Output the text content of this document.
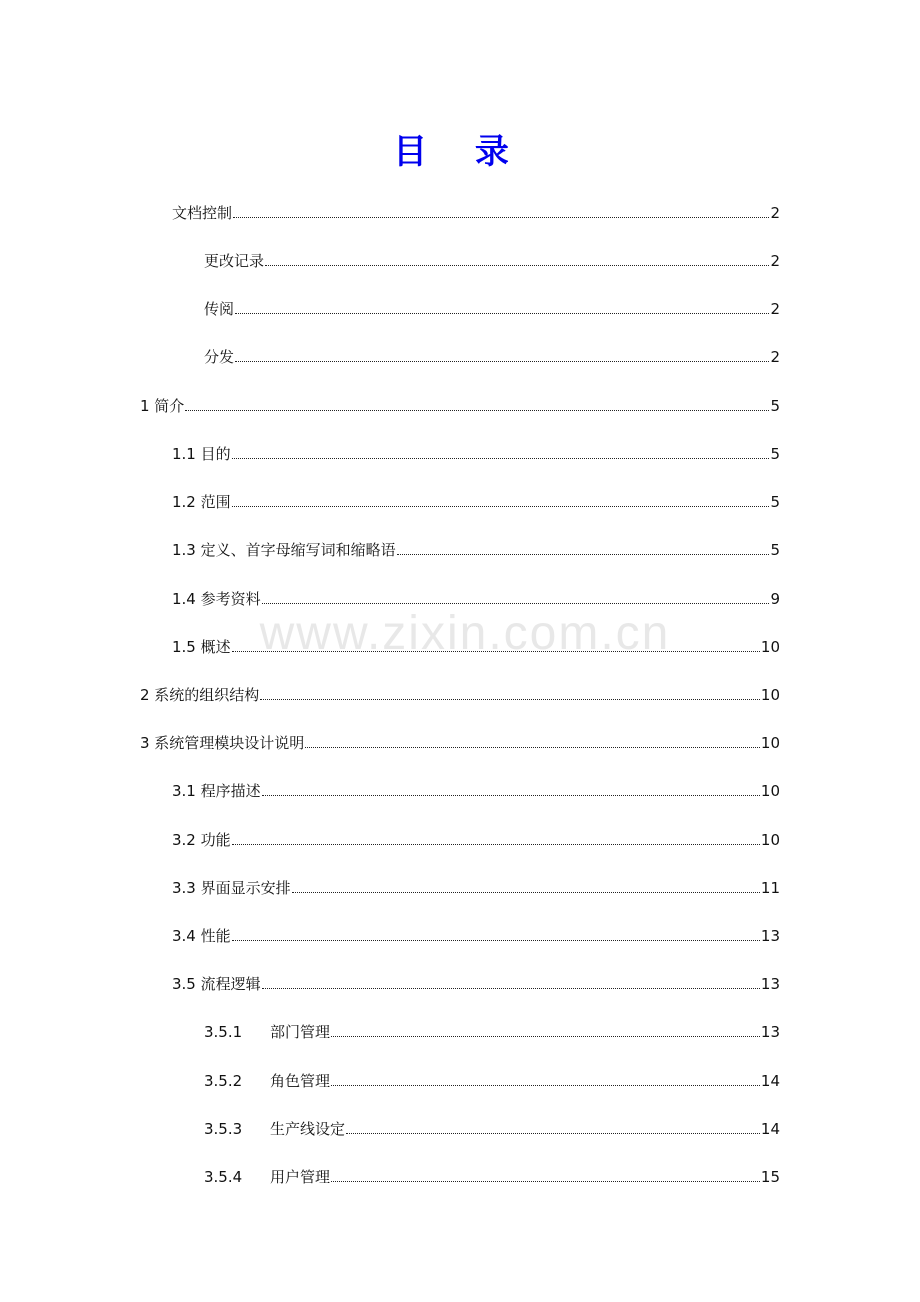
目 录
文档控制	2
更改记录	2
传阅	2
分发	2
1 简介	5
1.1 目的	5
1.2 范围	5
1.3 定义、首字母缩写词和缩略语	5
1.4 参考资料	9
1.5 概述	10
2 系统的组织结构	10
3 系统管理模块设计说明	10
3.1 程序描述	10
3.2 功能	10
3.3 界面显示安排	11
3.4 性能	13
3.5 流程逻辑	13
3.5.1	部门管理	13
3.5.2	角色管理	14
3.5.3	生产线设定	14
3.5.4	用户管理	15
www.zixin.com.cn
